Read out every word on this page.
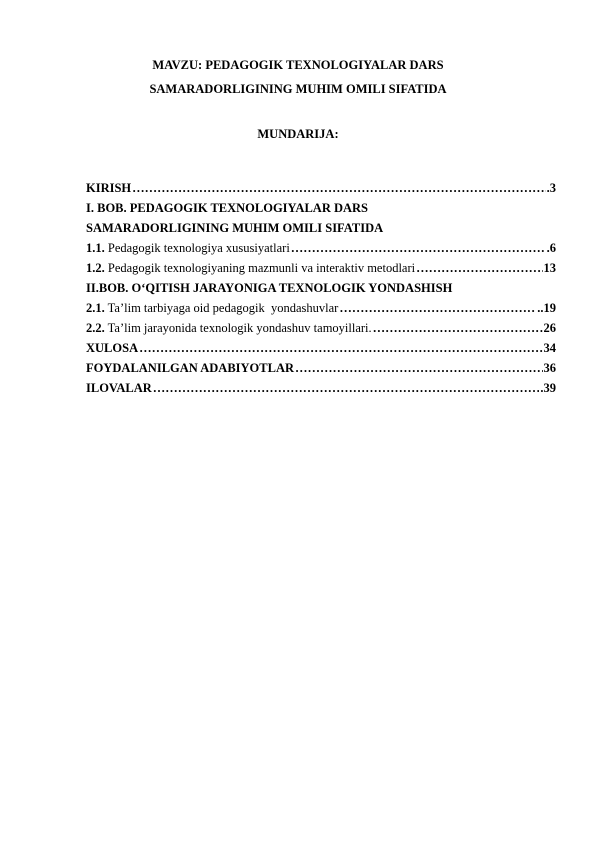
MAVZU: PEDAGOGIK TEXNOLOGIYALAR DARS
SAMARADORLIGINING MUHIM OMILI SIFATIDA
MUNDARIJA:
KIRISH ……………………………………………………………………………………………………………………………………………………………………	.3
I. BOB. PEDAGOGIK TEXNOLOGIYALAR DARS
SAMARADORLIGINING MUHIM OMILI SIFATIDA
1.1. Pedagogik texnologiya xususiyatlari ……………………………………………………………………………………………………………………………………………………………………	.6
1.2. Pedagogik texnologiyaning mazmunli va interaktiv metodlari ……………………………………………………………………………………………………………………………………………………………………	13
II.BOB. O‘QITISH JARAYONIGA TEXNOLOGIK YONDASHISH
2.1. Ta’lim tarbiyaga oid pedagogik  yondashuvlar ……………………………………………………………………………………………………………………………………………………………………	..19
2.2. Ta’lim jarayonida texnologik yondashuv tamoyillari. ……………………………………………………………………………………………………………………………………………………………………	26
XULOSA ……………………………………………………………………………………………………………………………………………………………………	34
FOYDALANILGAN ADABIYOTLAR ……………………………………………………………………………………………………………………………………………………………………	36
ILOVALAR ……………………………………………………………………………………………………………………………………………………………………	.39
